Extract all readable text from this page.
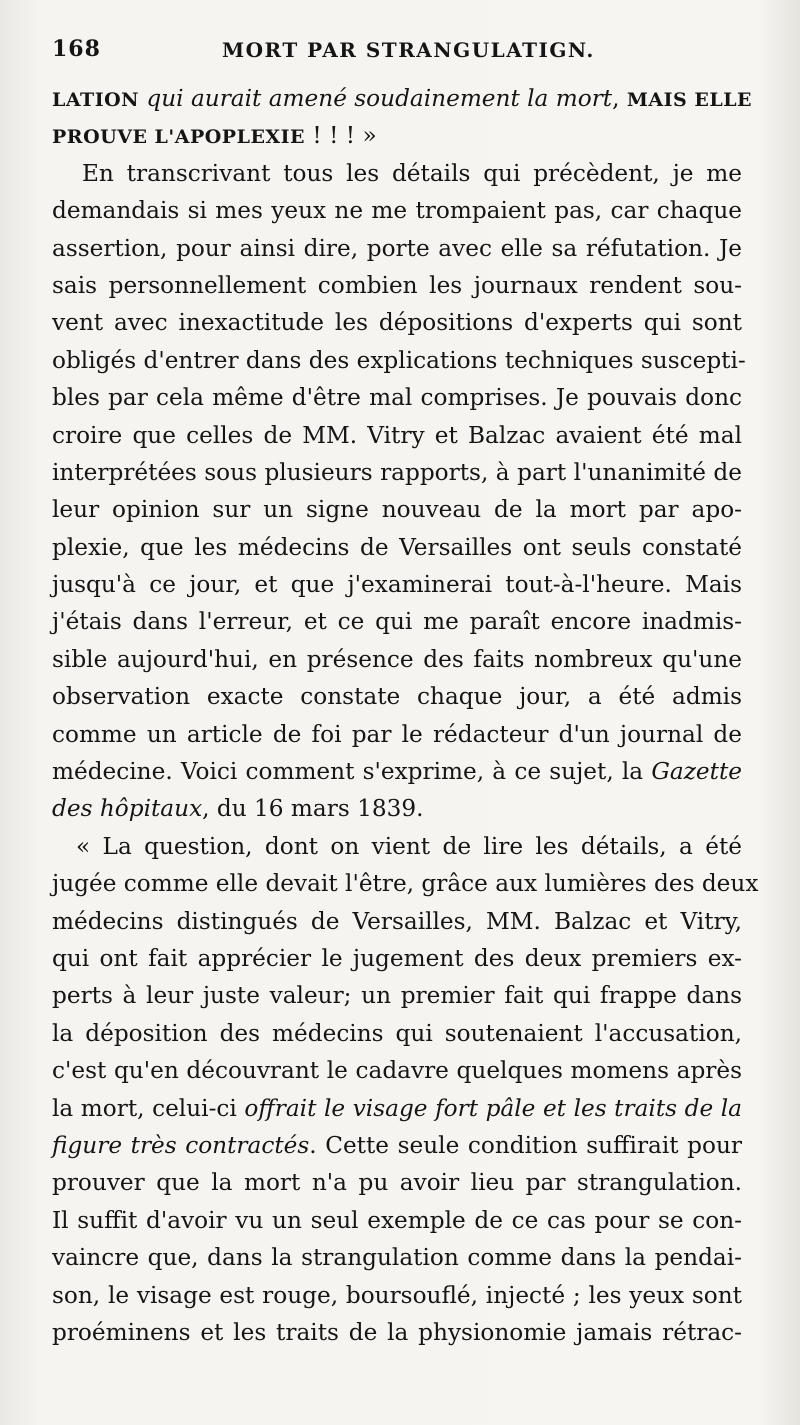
168	MORT PAR STRANGULATIGN.
LATION qui aurait amené soudainement la mort, MAIS ELLE
PROUVE L'APOPLEXIE ! ! ! »
En transcrivant tous les détails qui précèdent, je me
demandais si mes yeux ne me trompaient pas, car chaque
assertion, pour ainsi dire, porte avec elle sa réfutation. Je
sais personnellement combien les journaux rendent sou-
vent avec inexactitude les dépositions d'experts qui sont
obligés d'entrer dans des explications techniques suscepti-
bles par cela même d'être mal comprises. Je pouvais donc
croire que celles de MM. Vitry et Balzac avaient été mal
interprétées sous plusieurs rapports, à part l'unanimité de
leur opinion sur un signe nouveau de la mort par apo-
plexie, que les médecins de Versailles ont seuls constaté
jusqu'à ce jour, et que j'examinerai tout-à-l'heure. Mais
j'étais dans l'erreur, et ce qui me paraît encore inadmis-
sible aujourd'hui, en présence des faits nombreux qu'une
observation exacte constate chaque jour, a été admis
comme un article de foi par le rédacteur d'un journal de
médecine. Voici comment s'exprime, à ce sujet, la Gazette
des hôpitaux, du 16 mars 1839.
« La question, dont on vient de lire les détails, a été
jugée comme elle devait l'être, grâce aux lumières des deux
médecins distingués de Versailles, MM. Balzac et Vitry,
qui ont fait apprécier le jugement des deux premiers ex-
perts à leur juste valeur; un premier fait qui frappe dans
la déposition des médecins qui soutenaient l'accusation,
c'est qu'en découvrant le cadavre quelques momens après
la mort, celui-ci offrait le visage fort pâle et les traits de la
figure très contractés. Cette seule condition suffirait pour
prouver que la mort n'a pu avoir lieu par strangulation.
Il suffit d'avoir vu un seul exemple de ce cas pour se con-
vaincre que, dans la strangulation comme dans la pendai-
son, le visage est rouge, boursouflé, injecté ; les yeux sont
proéminens et les traits de la physionomie jamais rétrac-
